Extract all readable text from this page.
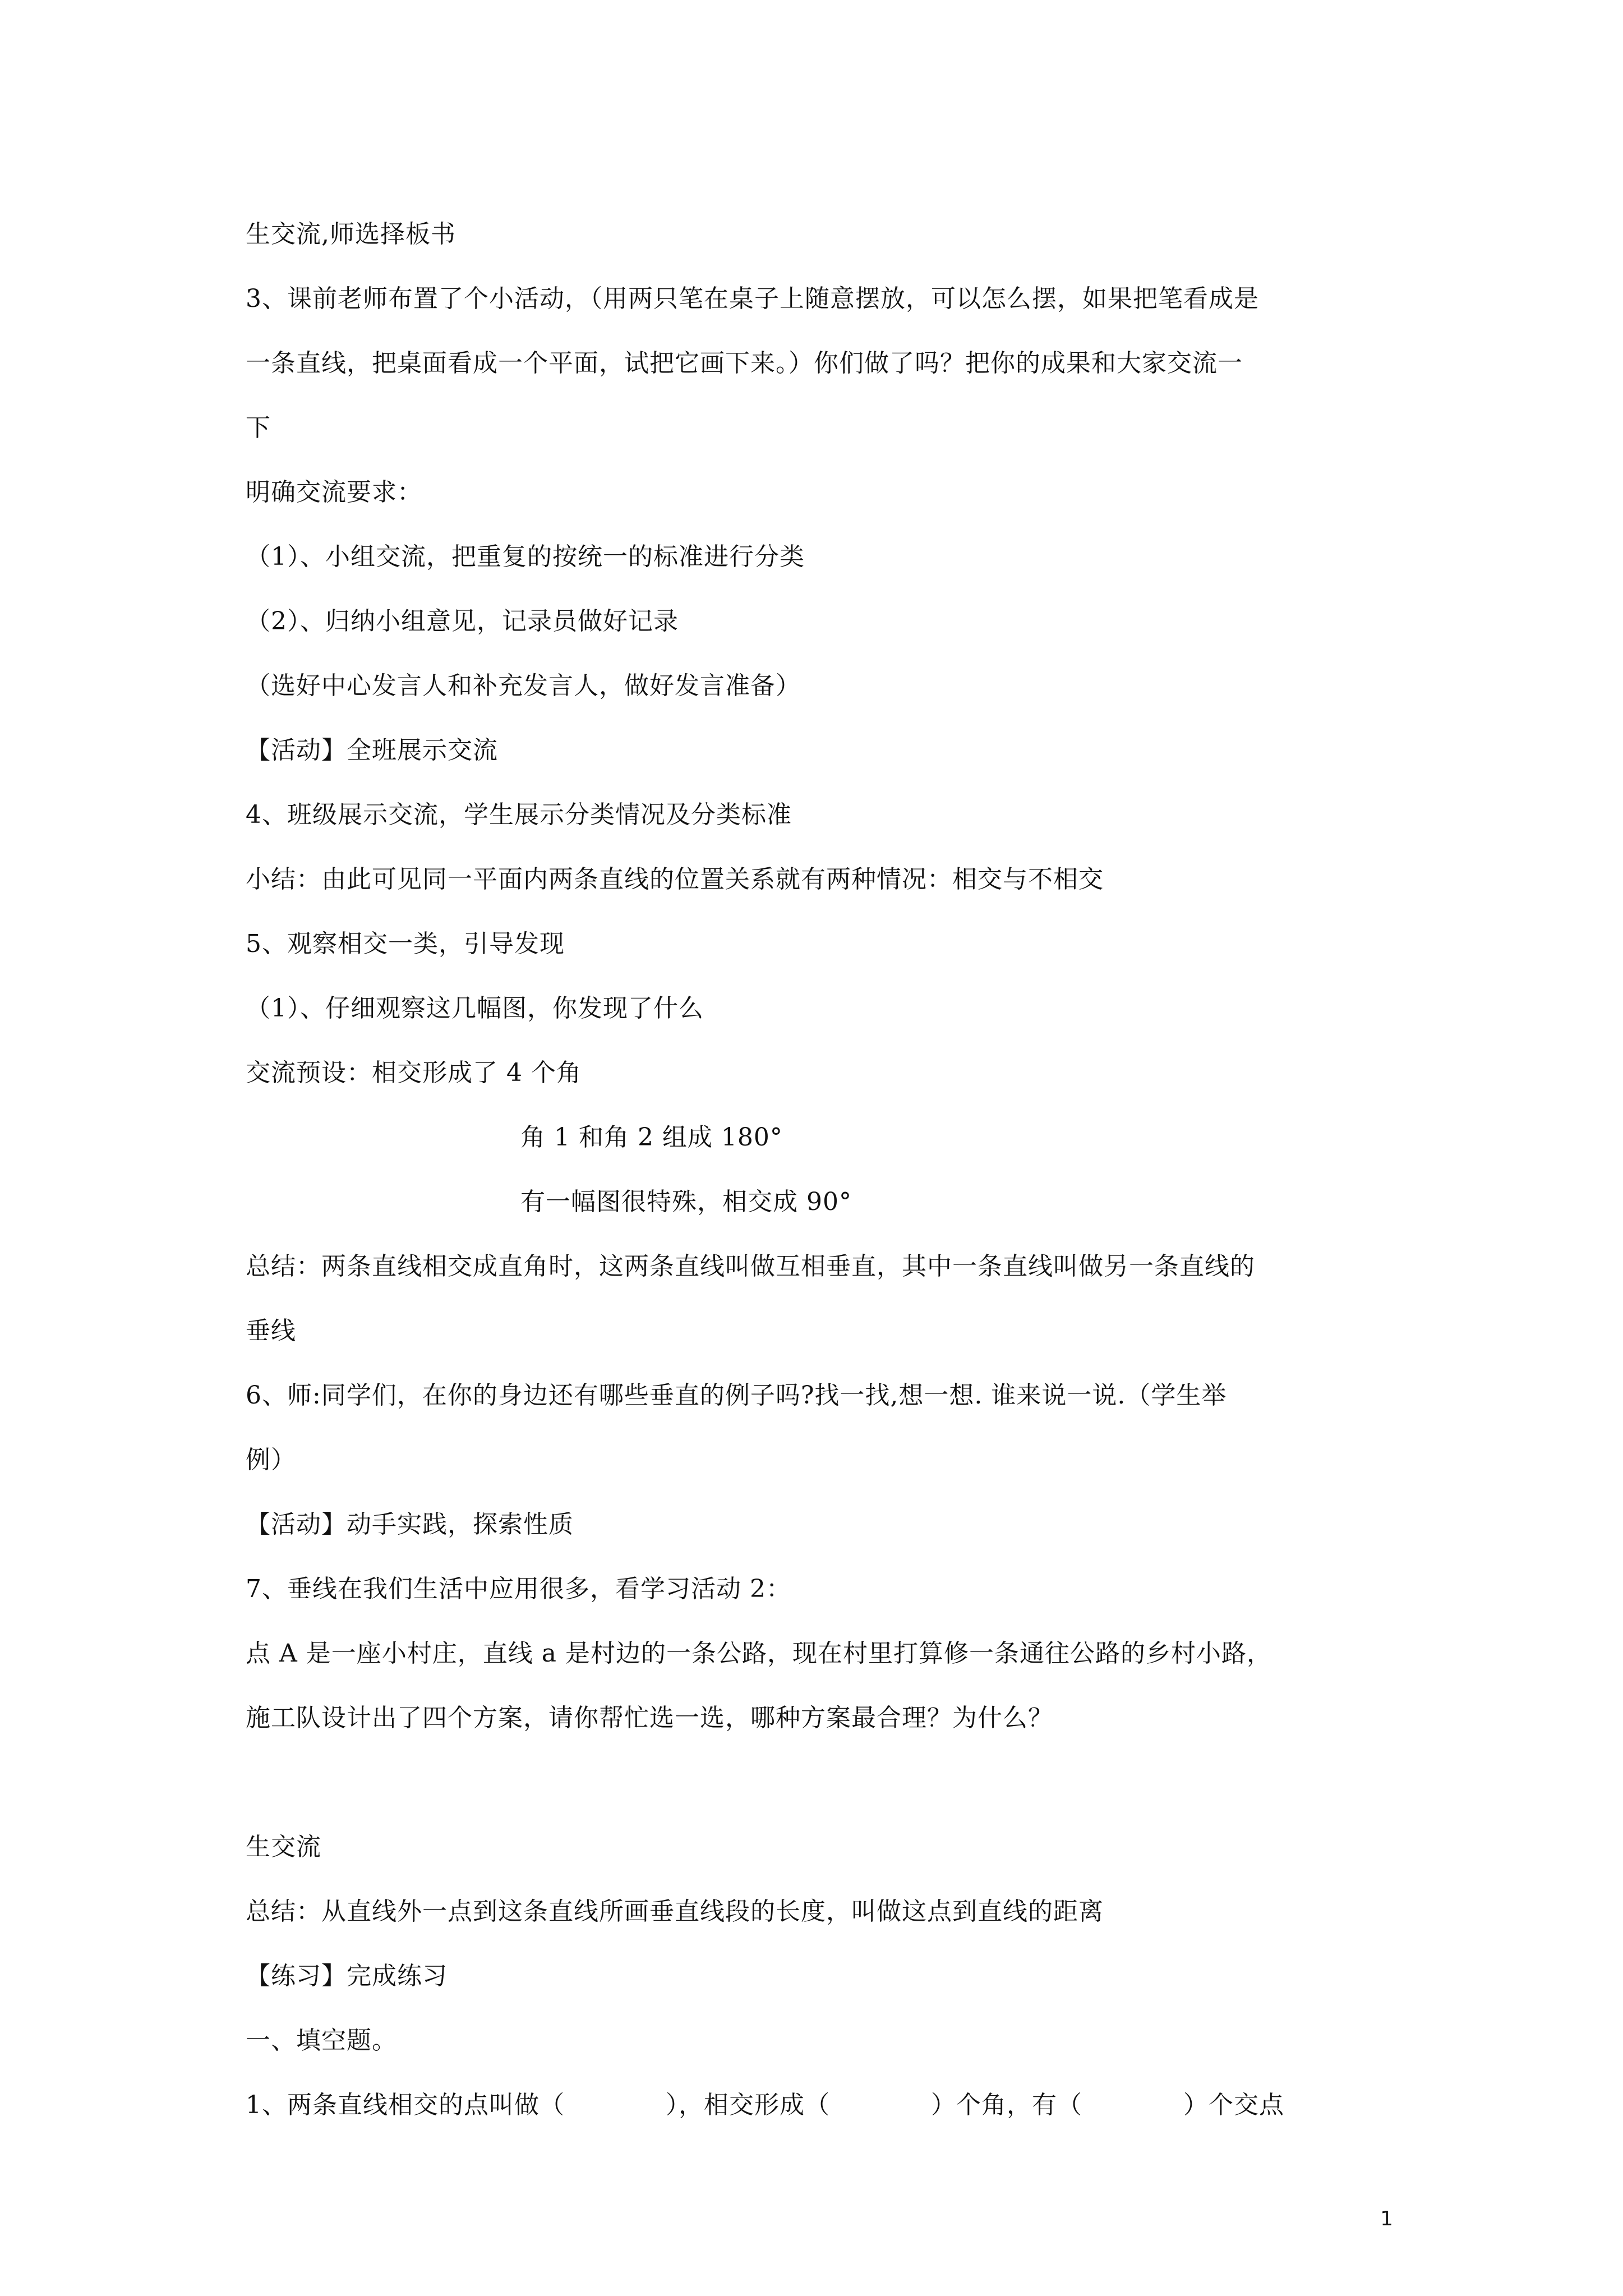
生交流,师选择板书
3、课前老师布置了个小活动，（用两只笔在桌子上随意摆放，可以怎么摆，如果把笔看成是
一条直线，把桌面看成一个平面，试把它画下来。）你们做了吗？把你的成果和大家交流一
下
明确交流要求：
（1）、小组交流，把重复的按统一的标准进行分类
（2）、归纳小组意见，记录员做好记录
（选好中心发言人和补充发言人，做好发言准备）
【活动】全班展示交流
4、班级展示交流，学生展示分类情况及分类标准
小结：由此可见同一平面内两条直线的位置关系就有两种情况：相交与不相交
5、观察相交一类，引导发现
（1）、仔细观察这几幅图，你发现了什么
交流预设：相交形成了 4 个角
角 1 和角 2 组成 180°
有一幅图很特殊，相交成 90°
总结：两条直线相交成直角时，这两条直线叫做互相垂直，其中一条直线叫做另一条直线的
垂线
6、师:同学们，在你的身边还有哪些垂直的例子吗?找一找,想一想. 谁来说一说.（学生举
例）
【活动】动手实践，探索性质
7、垂线在我们生活中应用很多，看学习活动 2：
点 A 是一座小村庄，直线 a 是村边的一条公路，现在村里打算修一条通往公路的乡村小路，
施工队设计出了四个方案，请你帮忙选一选，哪种方案最合理？为什么？
生交流
总结：从直线外一点到这条直线所画垂直线段的长度，叫做这点到直线的距离
【练习】完成练习
一、填空题。
1、两条直线相交的点叫做（　　　　），相交形成（　　　　）个角，有（　　　　）个交点
1
